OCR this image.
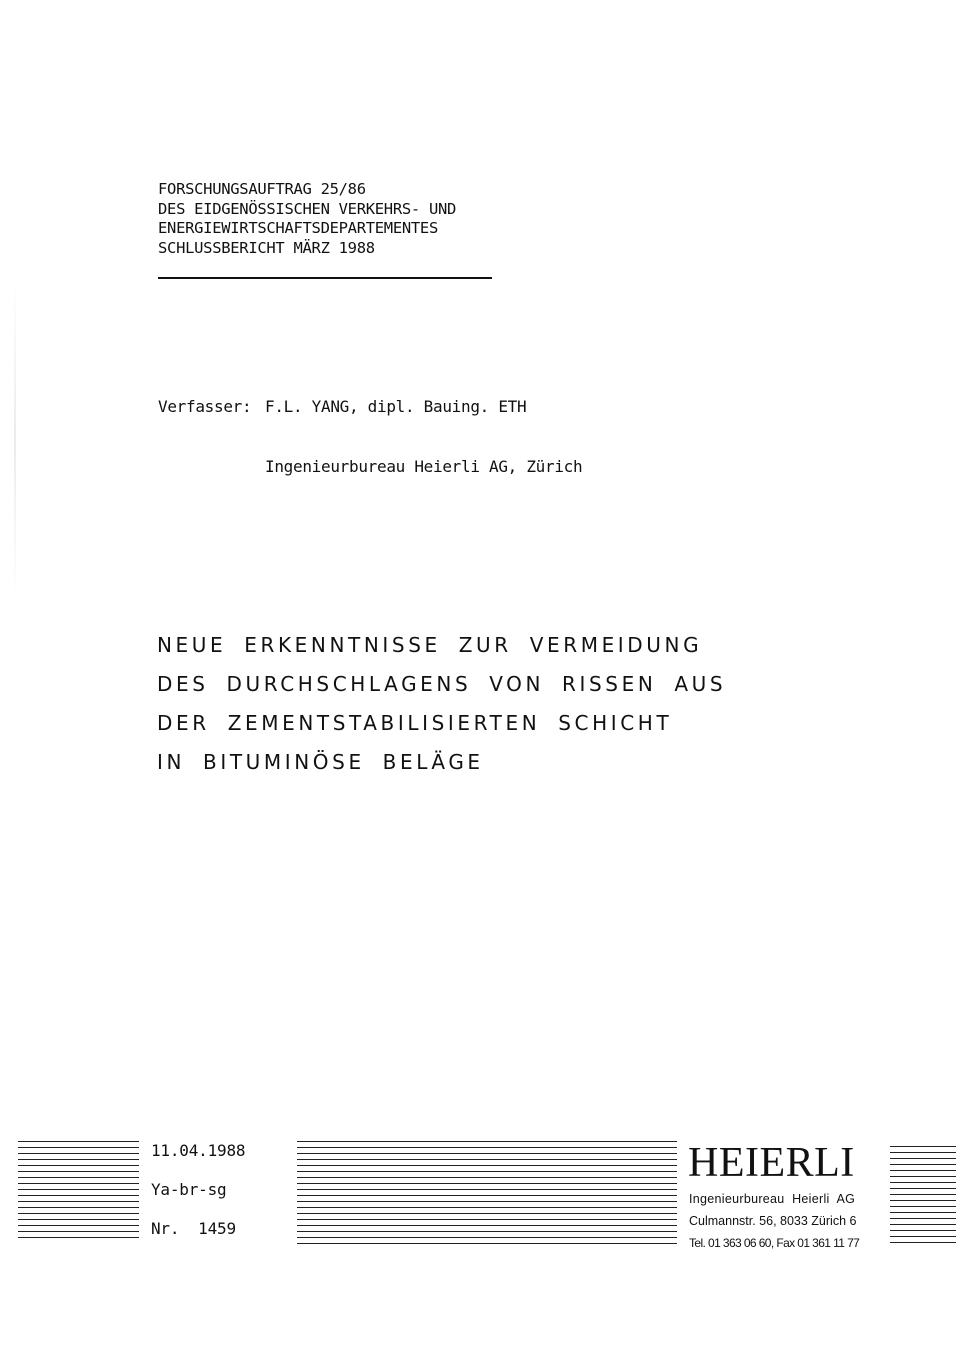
FORSCHUNGSAUFTRAG 25/86
DES EIDGENÖSSISCHEN VERKEHRS- UND
ENERGIEWIRTSCHAFTSDEPARTEMENTES
SCHLUSSBERICHT MÄRZ 1988

Verfasser: F.L. YANG, dipl. Bauing. ETH

Ingenieurbureau Heierli AG, Zürich

NEUE ERKENNTNISSE ZUR VERMEIDUNG
DES DURCHSCHLAGENS VON RISSEN AUS
DER ZEMENTSTABILISIERTEN SCHICHT
IN BITUMINÖSE BELÄGE
11.04.1988
Ya-br-sg
Nr.  1459
HEIERLI
Ingenieurbureau  Heierli  AG
Culmannstr. 56, 8033 Zürich 6
Tel. 01 363 06 60, Fax 01 361 11 77
